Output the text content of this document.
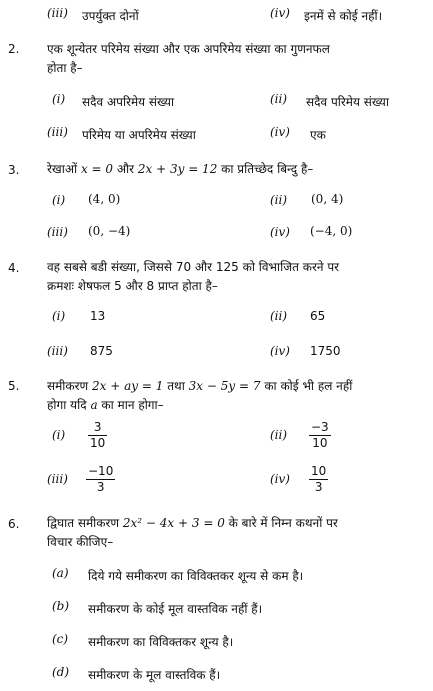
(iii) उपर्युक्त दोनों	(iv) इनमें से कोई नहीं।
2. एक शून्येतर परिमेय संख्या और एक अपरिमेय संख्या का गुणनफल
होता है–
(i) सदैव अपरिमेय संख्या	(ii) सदैव परिमेय संख्या
(iii) परिमेय या अपरिमेय संख्या	(iv) एक
3. रेखाओं x = 0 और 2x + 3y = 12 का प्रतिच्छेद बिन्दु है–
(i) (4, 0)	(ii) (0, 4)
(iii) (0, −4)	(iv) (−4, 0)
4. वह सबसे बडी संख्या, जिससे 70 और 125 को विभाजित करने पर
क्रमशः शेषफल 5 और 8 प्राप्त होता है–
(i) 13	(ii) 65
(iii) 875	(iv) 1750
5. समीकरण 2x + ay = 1 तथा 3x − 5y = 7 का कोई भी हल नहीं
होगा यदि a का मान होगा–
$(i) \frac{3}{10}$	$(ii) \frac{-3}{10}$
$(iii) \frac{-10}{3}$	$(iv) \frac{10}{3}$
6. द्विघात समीकरण 2x² − 4x + 3 = 0 के बारे में निम्न कथनों पर
विचार कीजिए–
(a) दिये गये समीकरण का विविक्तकर शून्य से कम है।
(b) समीकरण के कोई मूल वास्तविक नहीं हैं।
(c) समीकरण का विविक्तकर शून्य है।
(d) समीकरण के मूल वास्तविक हैं।
